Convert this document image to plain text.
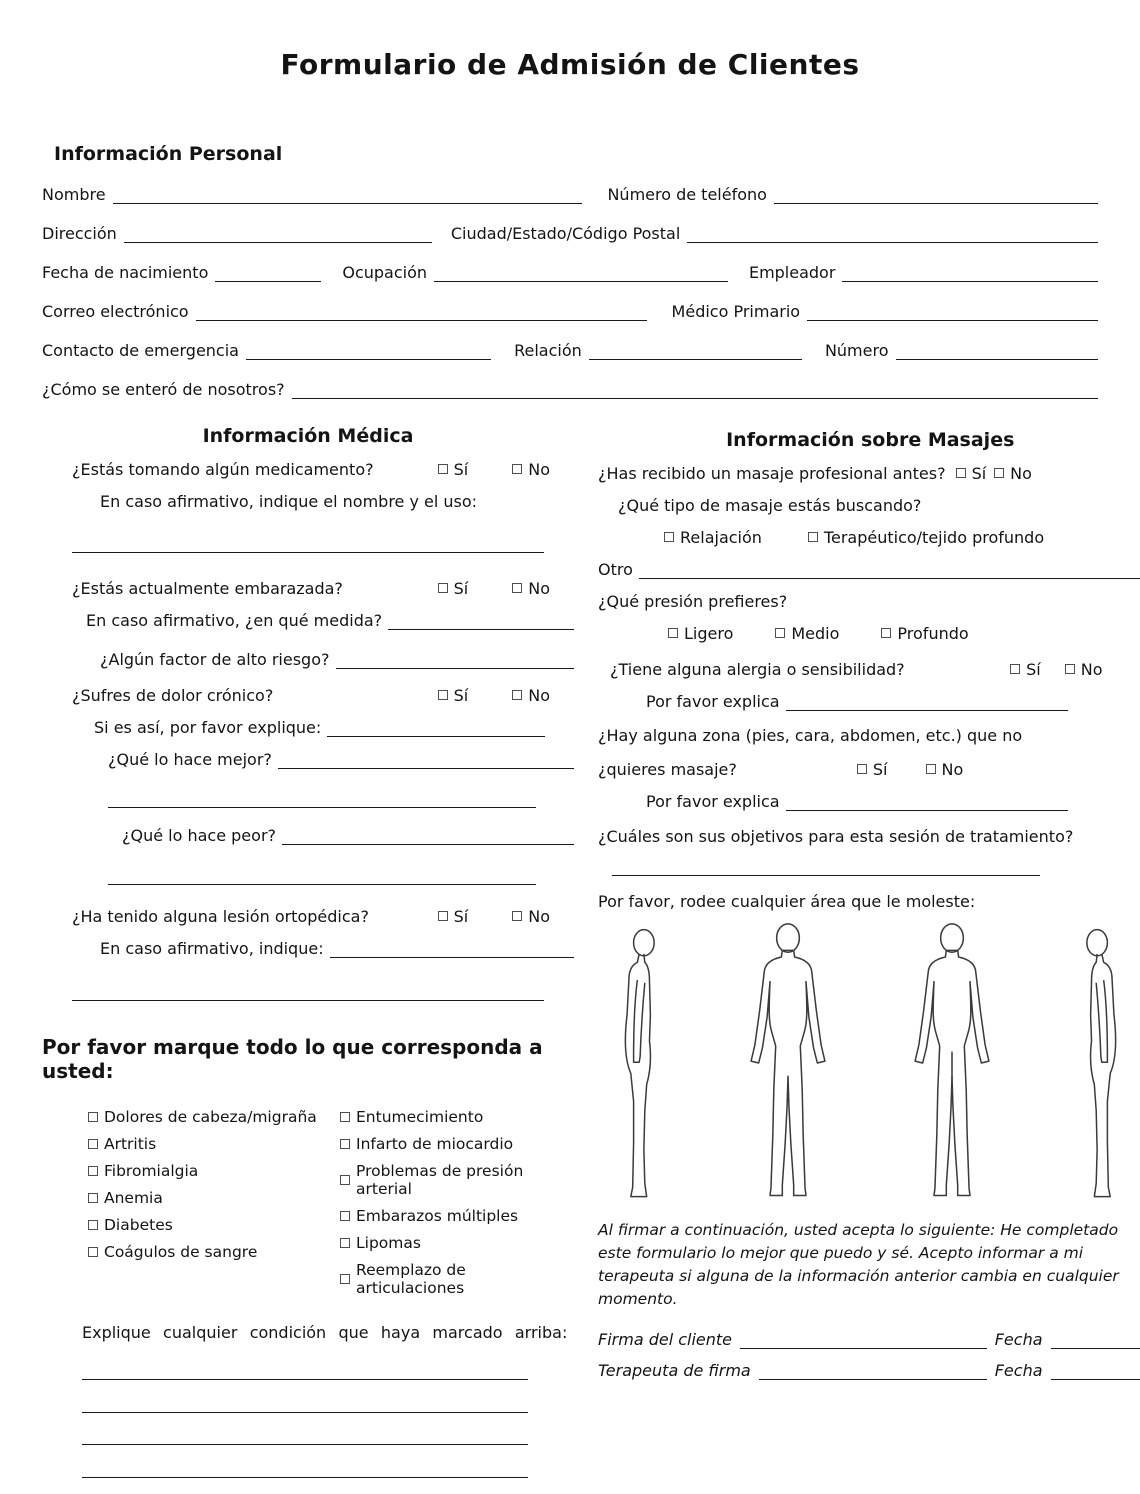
Formulario de Admisión de Clientes
Información Personal
Nombre	Número de teléfono
Dirección	Ciudad/Estado/Código Postal
Fecha de nacimiento	Ocupación	Empleador
Correo electrónico	Médico Primario
Contacto de emergencia	Relación	Número
¿Cómo se enteró de nosotros?
Información Médica
¿Estás tomando algún medicamento?	Sí	No
En caso afirmativo, indique el nombre y el uso:
¿Estás actualmente embarazada?	Sí	No
En caso afirmativo, ¿en qué medida?
¿Algún factor de alto riesgo?
¿Sufres de dolor crónico?	Sí	No
Si es así, por favor explique:
¿Qué lo hace mejor?
¿Qué lo hace peor?
¿Ha tenido alguna lesión ortopédica?	Sí	No
En caso afirmativo, indique:
Por favor marque todo lo que corresponda a usted:
Dolores de cabeza/migraña
Artritis
Fibromialgia
Anemia
Diabetes
Coágulos de sangre
Entumecimiento
Infarto de miocardio
Problemas de presión arterial
Embarazos múltiples
Lipomas
Reemplazo de articulaciones
Explique cualquier condición que haya marcado arriba:
Información sobre Masajes
¿Has recibido un masaje profesional antes? Sí No
¿Qué tipo de masaje estás buscando?
Relajación	Terapéutico/tejido profundo
Otro
¿Qué presión prefieres?
Ligero	Medio	Profundo
¿Tiene alguna alergia o sensibilidad?	Sí	No
Por favor explica
¿Hay alguna zona (pies, cara, abdomen, etc.) que no
¿quieres masaje?	Sí	No
Por favor explica
¿Cuáles son sus objetivos para esta sesión de tratamiento?
Por favor, rodee cualquier área que le moleste:

Al firmar a continuación, usted acepta lo siguiente: He completado este formulario lo mejor que puedo y sé. Acepto informar a mi terapeuta si alguna de la información anterior cambia en cualquier momento.

Firma del cliente	Fecha
Terapeuta de firma	Fecha
